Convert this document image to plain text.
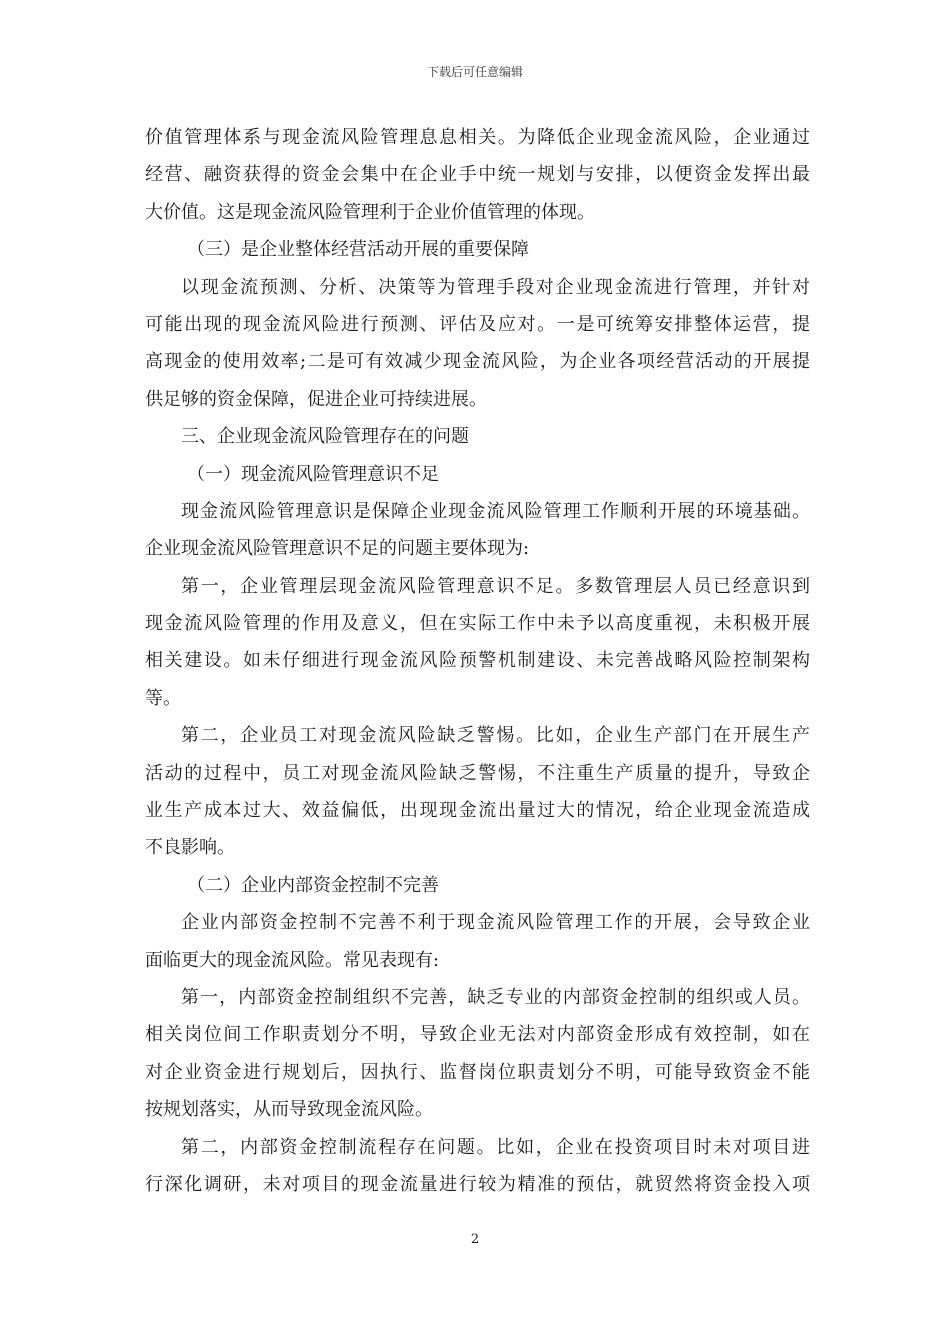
下载后可任意编辑
价值管理体系与现金流风险管理息息相关。为降低企业现金流风险，企业通过
经营、融资获得的资金会集中在企业手中统一规划与安排，以便资金发挥出最
大价值。这是现金流风险管理利于企业价值管理的体现。
（三）是企业整体经营活动开展的重要保障
以现金流预测、分析、决策等为管理手段对企业现金流进行管理，并针对
可能出现的现金流风险进行预测、评估及应对。一是可统筹安排整体运营，提
高现金的使用效率;二是可有效减少现金流风险，为企业各项经营活动的开展提
供足够的资金保障，促进企业可持续进展。
三、企业现金流风险管理存在的问题
（一）现金流风险管理意识不足
现金流风险管理意识是保障企业现金流风险管理工作顺利开展的环境基础。
企业现金流风险管理意识不足的问题主要体现为:
第一，企业管理层现金流风险管理意识不足。多数管理层人员已经意识到
现金流风险管理的作用及意义，但在实际工作中未予以高度重视，未积极开展
相关建设。如未仔细进行现金流风险预警机制建设、未完善战略风险控制架构
等。
第二，企业员工对现金流风险缺乏警惕。比如，企业生产部门在开展生产
活动的过程中，员工对现金流风险缺乏警惕，不注重生产质量的提升，导致企
业生产成本过大、效益偏低，出现现金流出量过大的情况，给企业现金流造成
不良影响。
（二）企业内部资金控制不完善
企业内部资金控制不完善不利于现金流风险管理工作的开展，会导致企业
面临更大的现金流风险。常见表现有:
第一，内部资金控制组织不完善，缺乏专业的内部资金控制的组织或人员。
相关岗位间工作职责划分不明，导致企业无法对内部资金形成有效控制，如在
对企业资金进行规划后，因执行、监督岗位职责划分不明，可能导致资金不能
按规划落实，从而导致现金流风险。
第二，内部资金控制流程存在问题。比如，企业在投资项目时未对项目进
行深化调研，未对项目的现金流量进行较为精准的预估，就贸然将资金投入项
2
